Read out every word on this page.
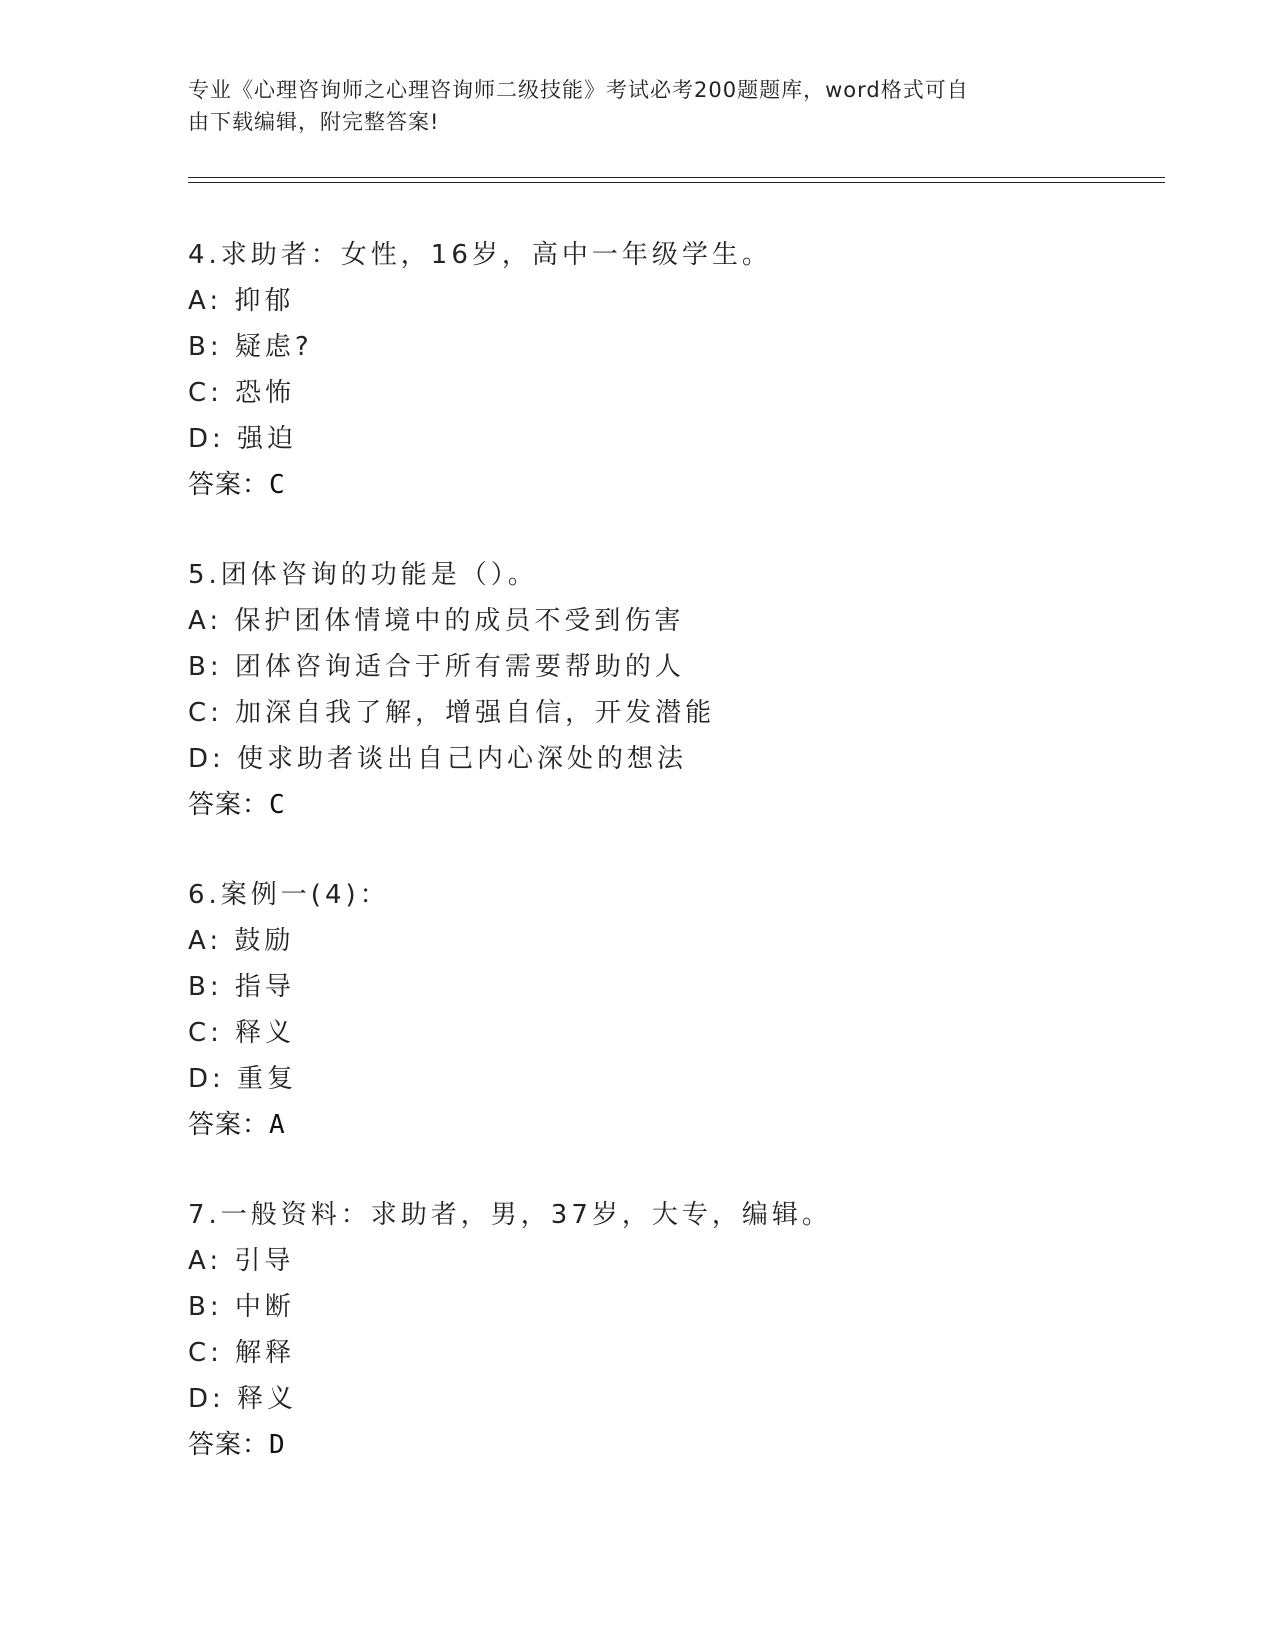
专业《心理咨询师之心理咨询师二级技能》考试必考200题题库，word格式可自
由下载编辑，附完整答案!
4.求助者：女性，16岁，高中一年级学生。
A: 抑郁
B: 疑虑?
C: 恐怖
D: 强迫
答案：C
5.团体咨询的功能是（）。
A: 保护团体情境中的成员不受到伤害
B: 团体咨询适合于所有需要帮助的人
C: 加深自我了解，增强自信，开发潜能
D: 使求助者谈出自己内心深处的想法
答案：C
6.案例一(4)：
A: 鼓励
B: 指导
C: 释义
D: 重复
答案：A
7.一般资料：求助者，男，37岁，大专，编辑。
A: 引导
B: 中断
C: 解释
D: 释义
答案：D
